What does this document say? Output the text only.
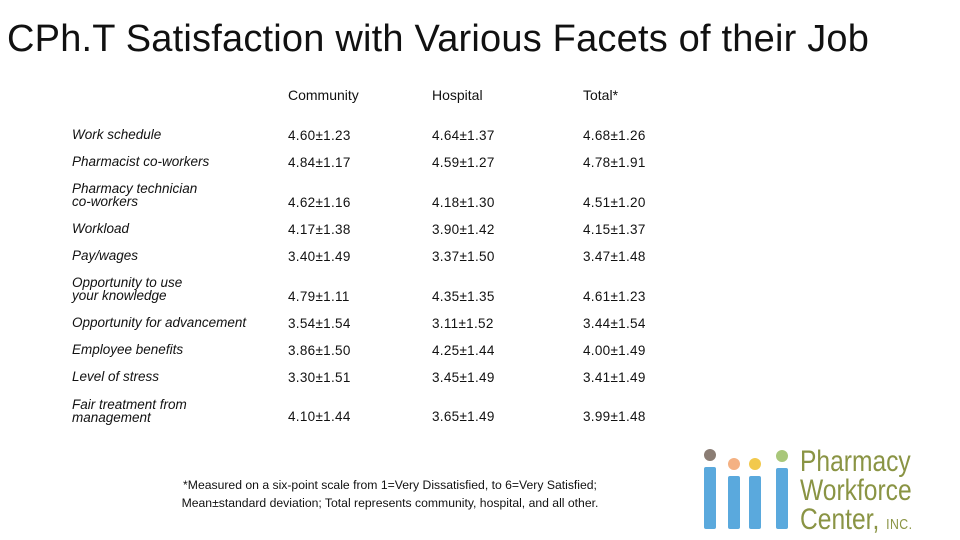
CPh.T Satisfaction with Various Facets of their Job
Community	Hospital	Total*
Work schedule	4.60±1.23	4.64±1.37	4.68±1.26
Pharmacist co-workers	4.84±1.17	4.59±1.27	4.78±1.91
Pharmacy technician
co-workers	4.62±1.16	4.18±1.30	4.51±1.20
Workload	4.17±1.38	3.90±1.42	4.15±1.37
Pay/wages	3.40±1.49	3.37±1.50	3.47±1.48
Opportunity to use
your knowledge	4.79±1.11	4.35±1.35	4.61±1.23
Opportunity for advancement	3.54±1.54	3.11±1.52	3.44±1.54
Employee benefits	3.86±1.50	4.25±1.44	4.00±1.49
Level of stress	3.30±1.51	3.45±1.49	3.41±1.49
Fair treatment from
management	4.10±1.44	3.65±1.49	3.99±1.48
*Measured on a six-point scale from 1=Very Dissatisfied, to 6=Very Satisfied;
Mean±standard deviation; Total represents community, hospital, and all other.
Pharmacy
Workforce
Center, INC.
